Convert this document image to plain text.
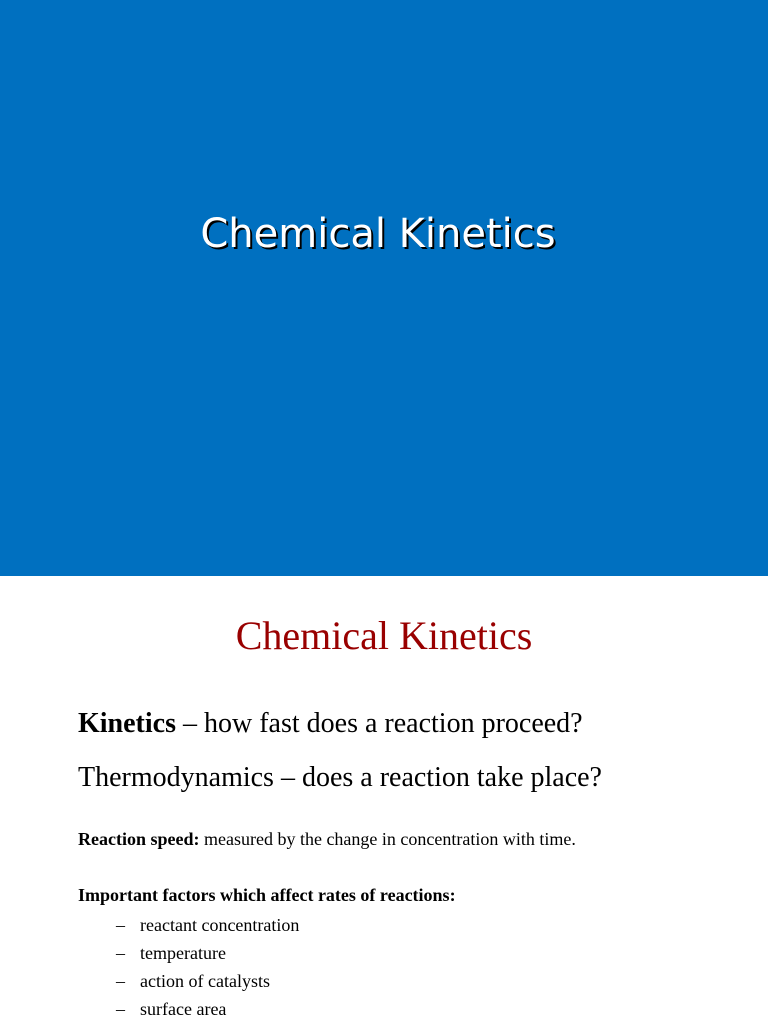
Chemical Kinetics
Chemical Kinetics
Kinetics – how fast does a reaction proceed?
Thermodynamics – does a reaction take place?
Reaction speed: measured by the change in concentration with time.
Important factors which affect rates of reactions:
– reactant concentration
– temperature
– action of catalysts
– surface area
